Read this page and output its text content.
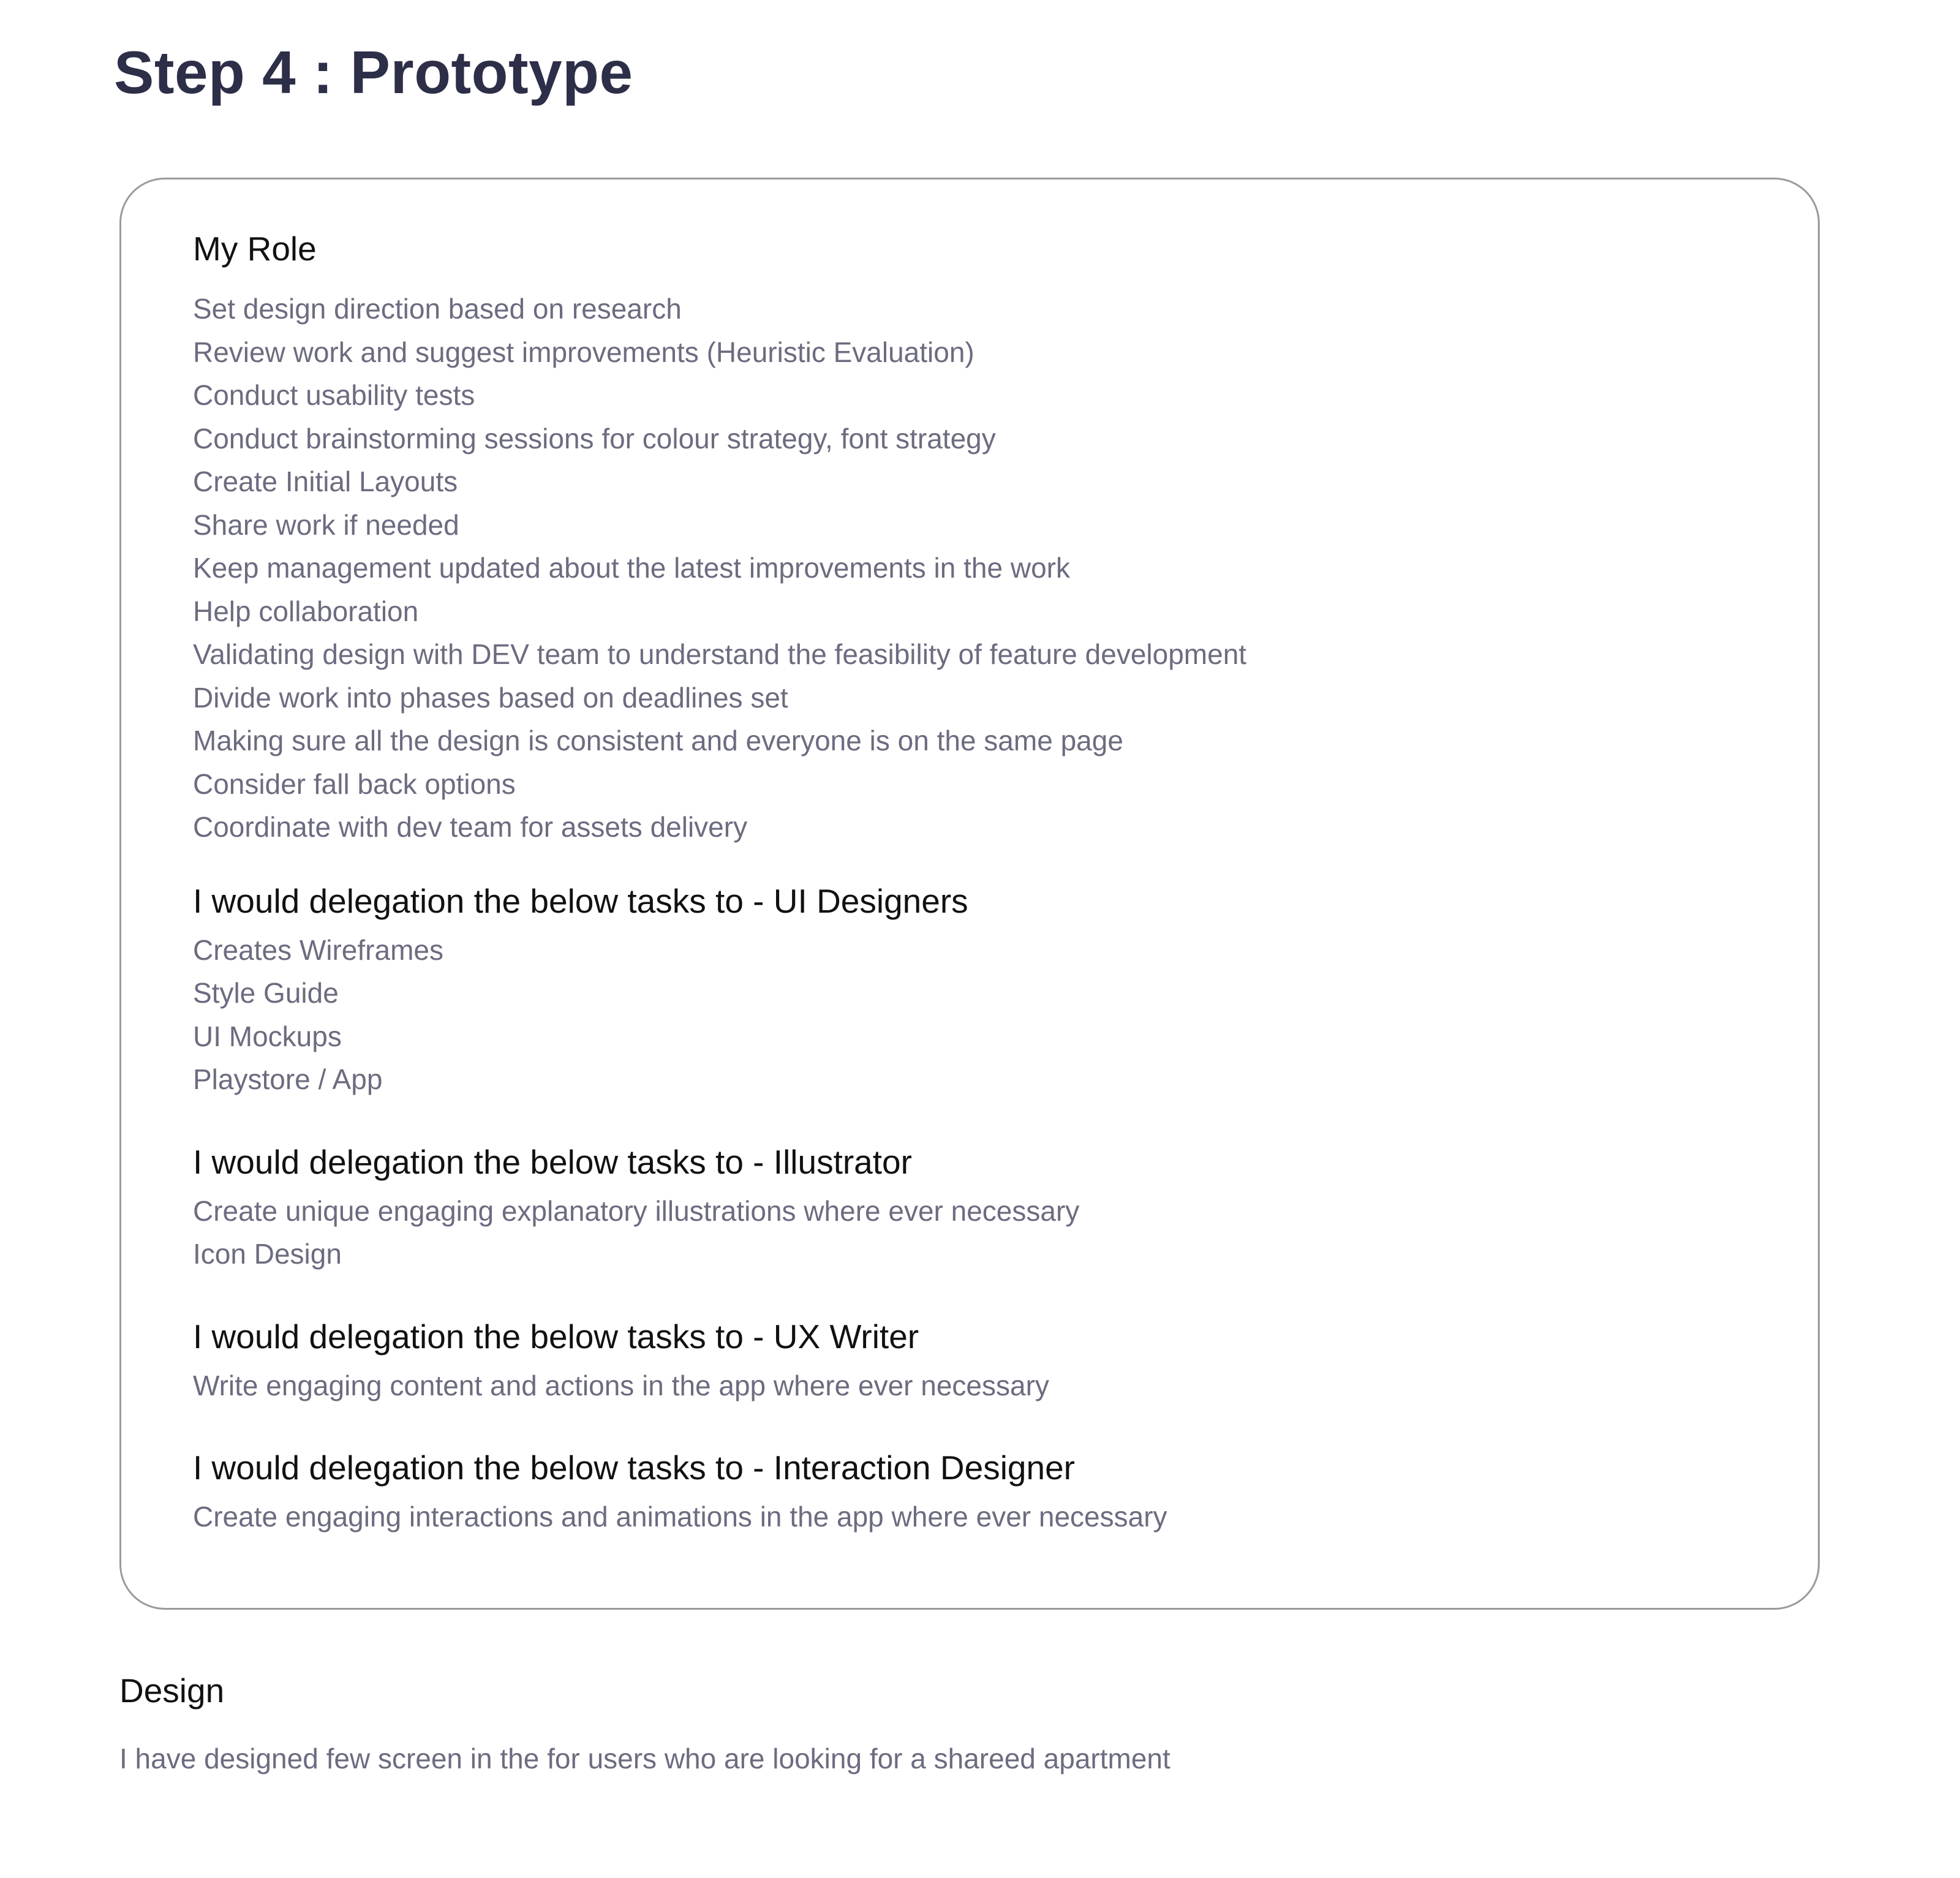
Step 4 : Prototype
My Role
Set design direction based on research
Review work and suggest improvements (Heuristic Evaluation)
Conduct usability tests
Conduct brainstorming sessions for colour strategy, font strategy
Create Initial Layouts
Share work if needed
Keep management updated about the latest improvements in the work
Help collaboration
Validating design with DEV team to understand the feasibility of feature development
Divide work into phases based on deadlines set
Making sure all the design is consistent and everyone is on the same page
Consider fall back options
Coordinate with dev team for assets delivery
I would delegation the below tasks to - UI Designers
Creates Wireframes
Style Guide
UI Mockups
Playstore / App
I would delegation the below tasks to - Illustrator
Create unique engaging explanatory illustrations where ever necessary
Icon Design
I would delegation the below tasks to - UX Writer
Write engaging content and actions in the app where ever necessary
I would delegation the below tasks to - Interaction Designer
Create engaging interactions and animations in the app where ever necessary
Design

I have designed few screen in the for users who are looking for a shareed apartment
